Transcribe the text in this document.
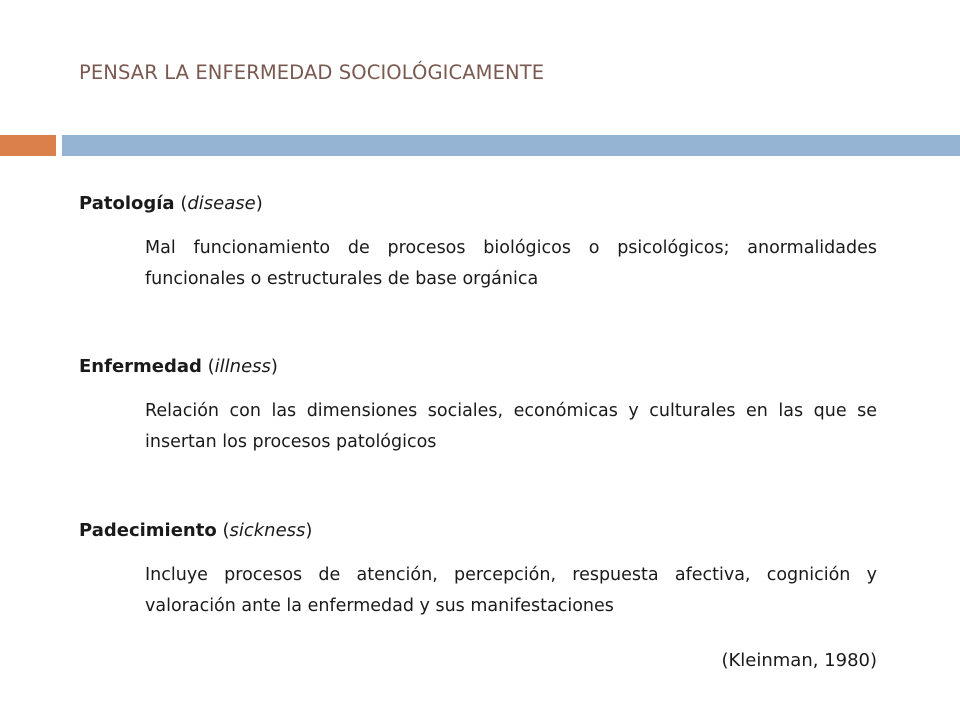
PENSAR LA ENFERMEDAD SOCIOLÓGICAMENTE
Patología (disease)
Mal funcionamiento de procesos biológicos o psicológicos; anormalidades funcionales o estructurales de base orgánica
Enfermedad (illness)
Relación con las dimensiones sociales, económicas y culturales en las que se insertan los procesos patológicos
Padecimiento (sickness)
Incluye procesos de atención, percepción, respuesta afectiva, cognición y valoración ante la enfermedad y sus manifestaciones
(Kleinman, 1980)
